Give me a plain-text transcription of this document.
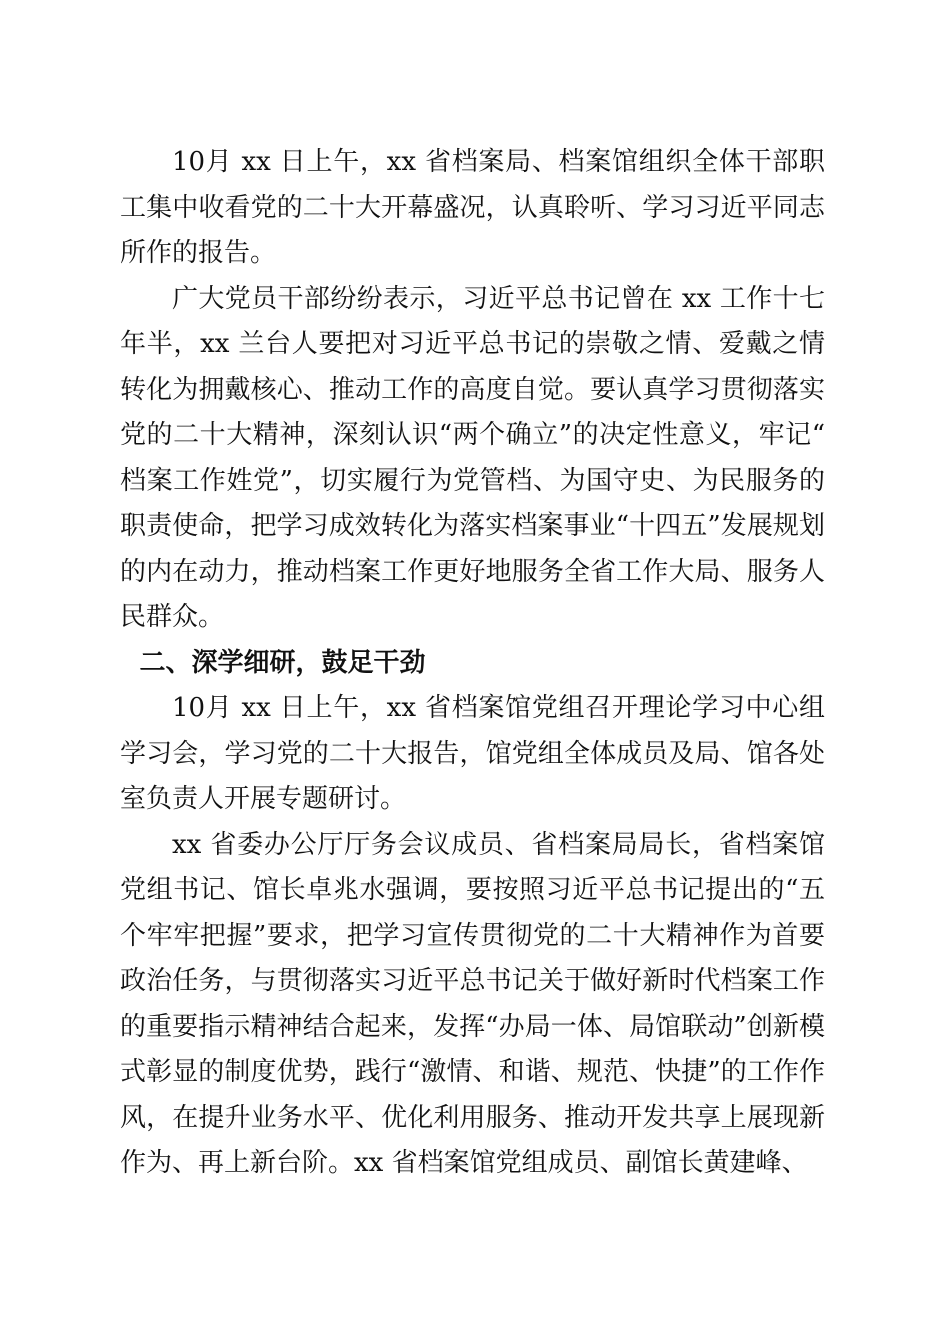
10月 xx 日上午，xx 省档案局、档案馆组织全体干部职工集中收看党的二十大开幕盛况，认真聆听、学习习近平同志所作的报告。

广大党员干部纷纷表示，习近平总书记曾在 xx 工作十七年半，xx 兰台人要把对习近平总书记的崇敬之情、爱戴之情转化为拥戴核心、推动工作的高度自觉。要认真学习贯彻落实党的二十大精神，深刻认识“两个确立”的决定性意义，牢记“档案工作姓党”，切实履行为党管档、为国守史、为民服务的职责使命，把学习成效转化为落实档案事业“十四五”发展规划的内在动力，推动档案工作更好地服务全省工作大局、服务人民群众。

二、深学细研，鼓足干劲

10月 xx 日上午，xx 省档案馆党组召开理论学习中心组学习会，学习党的二十大报告，馆党组全体成员及局、馆各处室负责人开展专题研讨。

xx 省委办公厅厅务会议成员、省档案局局长，省档案馆党组书记、馆长卓兆水强调，要按照习近平总书记提出的“五个牢牢把握”要求，把学习宣传贯彻党的二十大精神作为首要政治任务，与贯彻落实习近平总书记关于做好新时代档案工作的重要指示精神结合起来，发挥“办局一体、局馆联动”创新模式彰显的制度优势，践行“激情、和谐、规范、快捷”的工作作风，在提升业务水平、优化利用服务、推动开发共享上展现新作为、再上新台阶。xx 省档案馆党组成员、副馆长黄建峰、
